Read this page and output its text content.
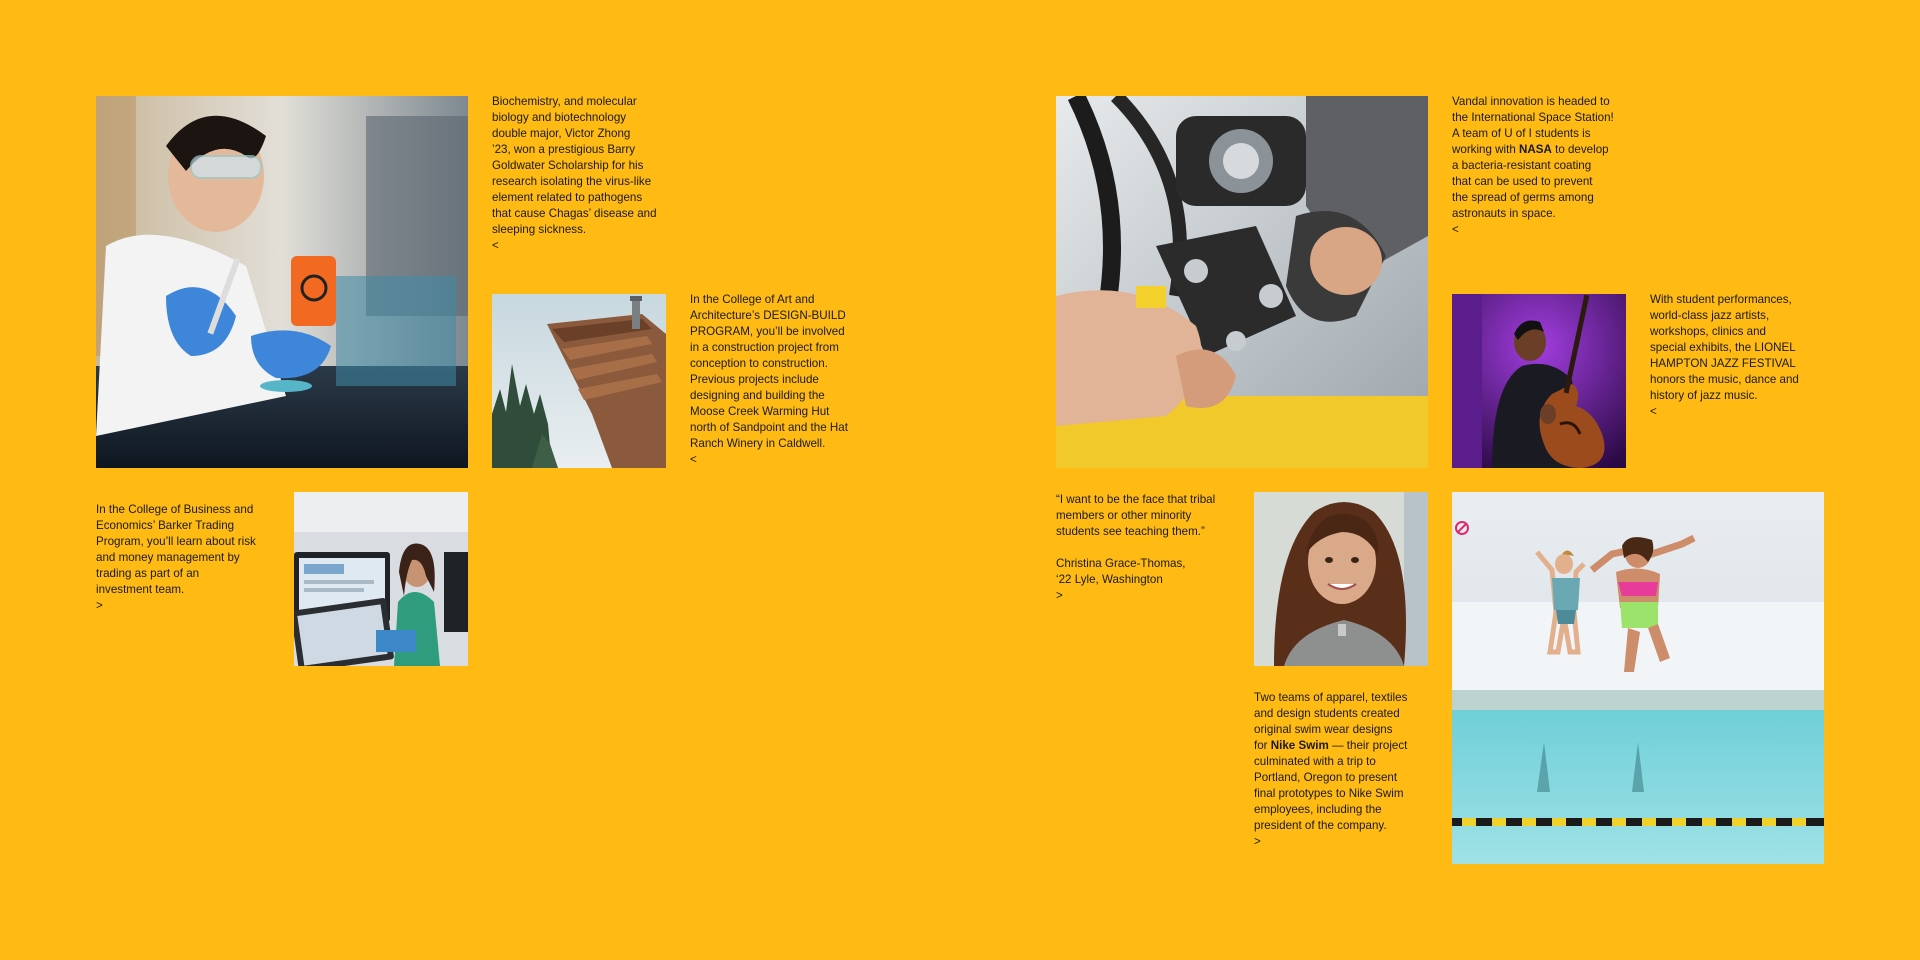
Biochemistry, and molecular

biology and biotechnology

double major, Victor Zhong

’23, won a prestigious Barry

Goldwater Scholarship for his

research isolating the virus-like

element related to pathogens

that cause Chagas’ disease and

sleeping sickness.

<

In the College of Art and

Architecture’s DESIGN-BUILD

PROGRAM, you’ll be involved

in a construction project from

conception to construction.

Previous projects include

designing and building the

Moose Creek Warming Hut

north of Sandpoint and the Hat

Ranch Winery in Caldwell.

<

In the College of Business and

Economics’ Barker Trading

Program, you’ll learn about risk

and money management by

trading as part of an

investment team.

>

Vandal innovation is headed to

the International Space Station!

A team of U of I students is

working with NASA to develop

a bacteria-resistant coating

that can be used to prevent

the spread of germs among

astronauts in space.

<

With student performances,

world-class jazz artists,

workshops, clinics and

special exhibits, the LIONEL

HAMPTON JAZZ FESTIVAL

honors the music, dance and

history of jazz music.

<

“I want to be the face that tribal

members or other minority

students see teaching them.”

Christina Grace-Thomas,

‘22 Lyle, Washington

>

Two teams of apparel, textiles

and design students created

original swim wear designs

for Nike Swim — their project

culminated with a trip to

Portland, Oregon to present

final prototypes to Nike Swim

employees, including the

president of the company.

>
